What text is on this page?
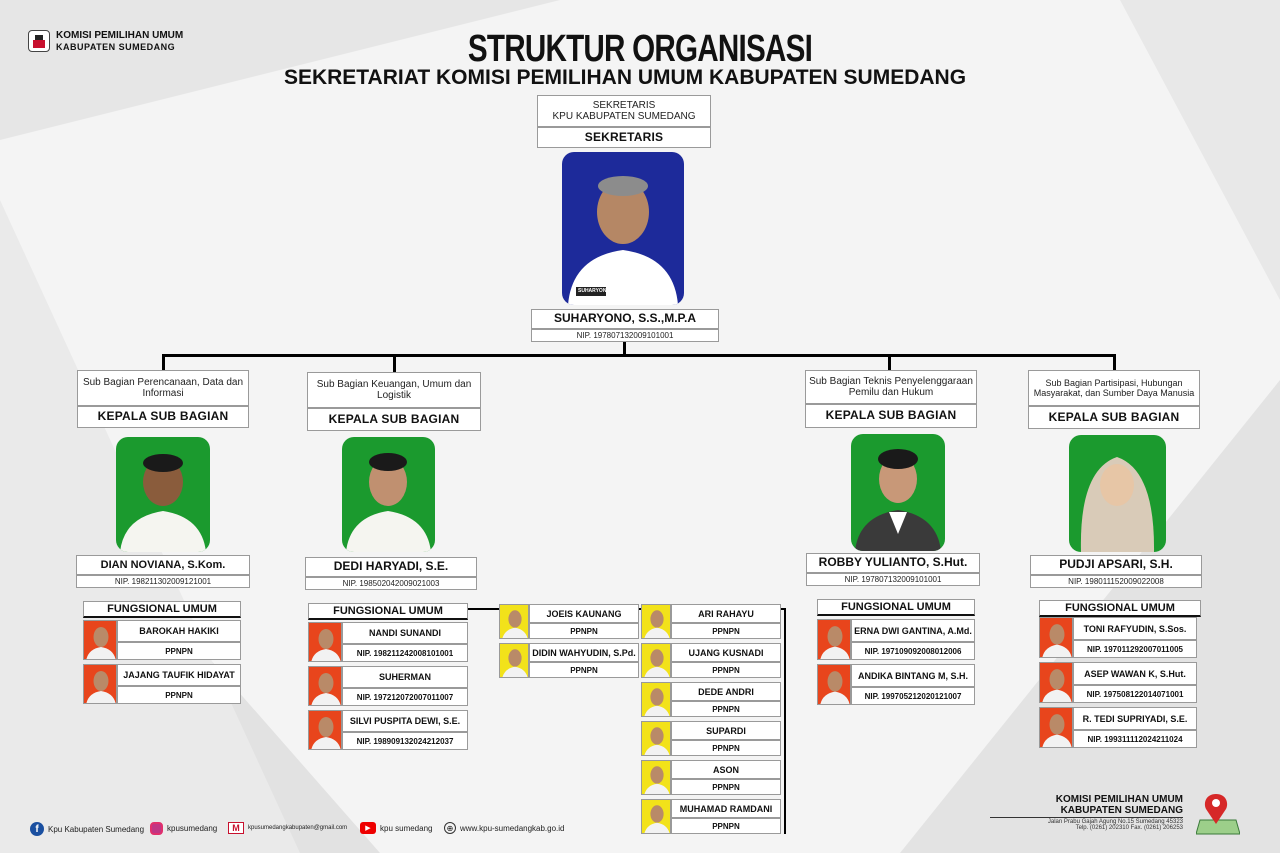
KOMISI PEMILIHAN UMUM
KABUPATEN SUMEDANG	STRUKTUR ORGANISASI
SEKRETARIAT KOMISI PEMILIHAN UMUM KABUPATEN SUMEDANG
SEKRETARIS
KPU KABUPATEN SUMEDANG
SEKRETARIS
SUHARYONO
SUHARYONO, S.S.,M.P.A
NIP. 197807132009101001
Sub Bagian Perencanaan, Data dan Informasi
KEPALA SUB BAGIAN
DIAN NOVIANA, S.Kom.
NIP. 198211302009121001
Sub Bagian Keuangan, Umum dan Logistik
KEPALA SUB BAGIAN
DEDI HARYADI, S.E.
NIP. 198502042009021003
Sub Bagian Teknis Penyelenggaraan Pemilu dan Hukum
KEPALA SUB BAGIAN
ROBBY YULIANTO, S.Hut.
NIP. 197807132009101001
Sub Bagian Partisipasi, Hubungan Masyarakat, dan Sumber Daya Manusia
KEPALA SUB BAGIAN
PUDJI APSARI, S.H.
NIP. 198011152009022008
FUNGSIONAL UMUM	FUNGSIONAL UMUM	FUNGSIONAL UMUM	FUNGSIONAL UMUM
BAROKAH HAKIKI
PPNPN
JAJANG TAUFIK HIDAYAT
PPNPN
NANDI SUNANDI
NIP. 198211242008101001
SUHERMAN
NIP. 197212072007011007
SILVI PUSPITA DEWI, S.E.
NIP. 198909132024212037
JOEIS KAUNANG
PPNPN
DIDIN WAHYUDIN, S.Pd.
PPNPN
ARI RAHAYU
PPNPN
UJANG KUSNADI
PPNPN
DEDE ANDRI
PPNPN
SUPARDI
PPNPN
ASON
PPNPN
MUHAMAD RAMDANI
PPNPN
ERNA DWI GANTINA, A.Md.
NIP. 197109092008012006
ANDIKA BINTANG M, S.H.
NIP. 199705212020121007
TONI RAFYUDIN, S.Sos.
NIP. 197011292007011005
ASEP WAWAN K, S.Hut.
NIP. 197508122014071001
R. TEDI SUPRIYADI, S.E.
NIP. 199311112024211024
f	Kpu Kabupaten Sumedang	kpusumedang	M	kpusumedangkabupaten@gmail.com	▶	kpu sumedang	⊕ www.kpu-sumedangkab.go.id
KOMISI PEMILIHAN UMUM
KABUPATEN SUMEDANG
Jalan Prabu Gajah Agung No.15 Sumedang 45323
Telp. (0261) 202310 Fax. (0261) 206253
